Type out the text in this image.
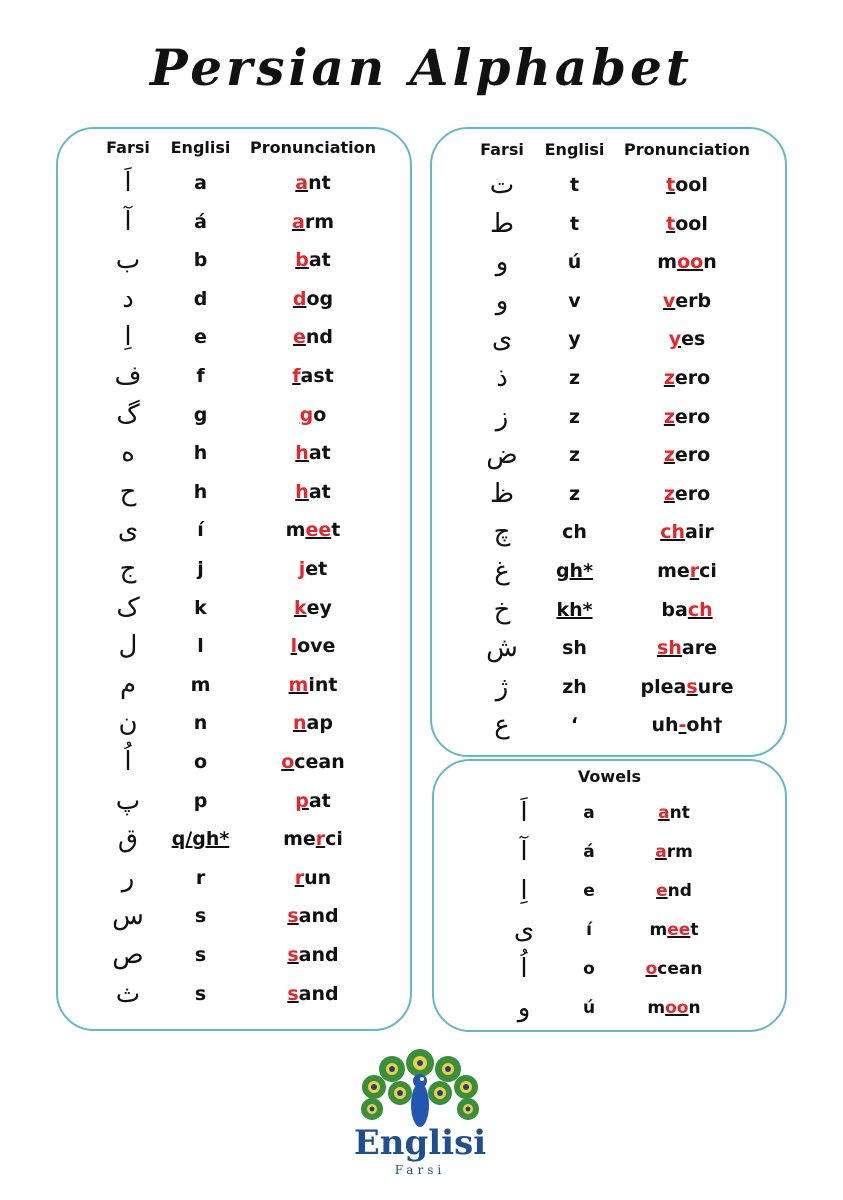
Persian Alphabet
Farsi	Englisi	Pronunciation
اَ	a	a nt
آ	á	a rm
ب	b	b at
د	d	d og
اِ	e	e nd
ف	f	f ast
گ	g	g o
ه	h	h at
ح	h	h at
ی	í	m ee t
ج	j	j et
ک	k	k ey
ل	l	l ove
م	m	m int
ن	n	n ap
اُ	o	o cean
پ	p	p at
ق	q/gh*	me r ci
ر	r	r un
س	s	s and
ص	s	s and
ث	s	s and
Farsi	Englisi	Pronunciation
ت	t	t ool
ط	t	t ool
و	ú	m oo n
و	v	v erb
ی	y	y es
ذ	z	z ero
ز	z	z ero
ض	z	z ero
ظ	z	z ero
چ	ch	ch air
غ	gh*	me r ci
خ	kh*	ba ch
ش	sh	sh are
ژ	zh	plea s ure
ع	ʻ	uh - oh†
Vowels
اَ	a	a nt
آ	á	a rm
اِ	e	e nd
ی	í	m ee t
اُ	o	o cean
و	ú	m oo n
Englisi
Farsi
